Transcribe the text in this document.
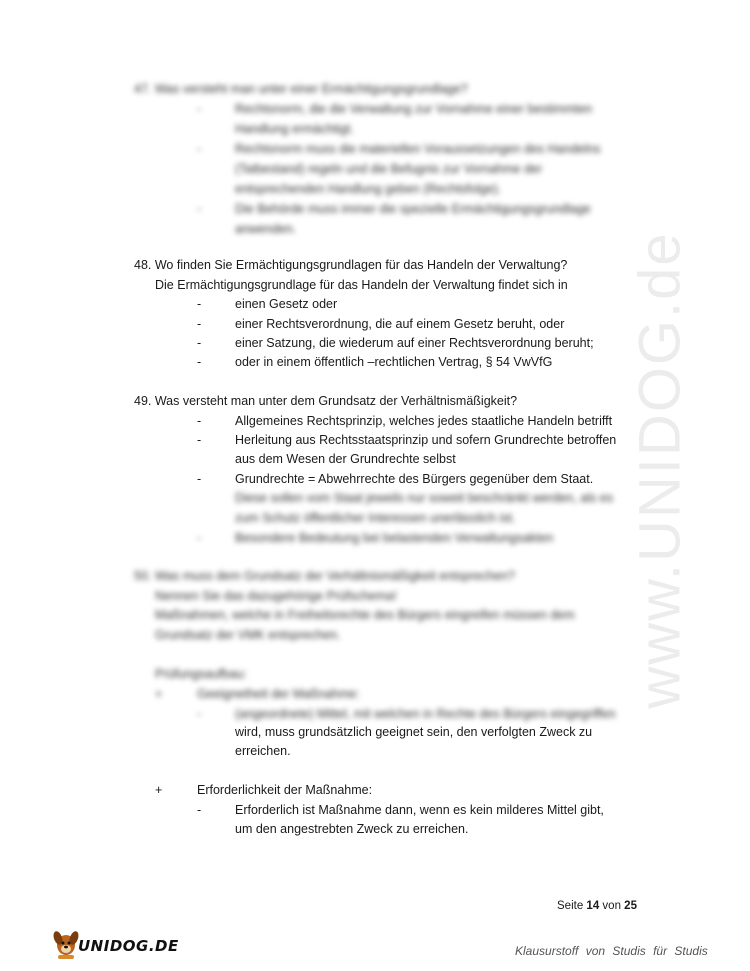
www.UNIDOG.de
47. Was versteht man unter einer Ermächtigungsgrundlage?
-	Rechtsnorm, die die Verwaltung zur Vornahme einer bestimmten
Handlung ermächtigt.
-	Rechtsnorm muss die materiellen Voraussetzungen des Handelns
(Tatbestand) regeln und die Befugnis zur Vornahme der
entsprechenden Handlung geben (Rechtsfolge).
-	Die Behörde muss immer die spezielle Ermächtigungsgrundlage
anwenden.
48. Wo finden Sie Ermächtigungsgrundlagen für das Handeln der Verwaltung?
Die Ermächtigungsgrundlage für das Handeln der Verwaltung findet sich in
-	einen Gesetz oder
-	einer Rechtsverordnung, die auf einem Gesetz beruht, oder
-	einer Satzung, die wiederum auf einer Rechtsverordnung beruht;
-	oder in einem öffentlich –rechtlichen Vertrag, § 54 VwVfG
49. Was versteht man unter dem Grundsatz der Verhältnismäßigkeit?
-	Allgemeines Rechtsprinzip, welches jedes staatliche Handeln betrifft
-	Herleitung aus Rechtsstaatsprinzip und sofern Grundrechte betroffen
aus dem Wesen der Grundrechte selbst
-	Grundrechte = Abwehrrechte des Bürgers gegenüber dem Staat.
Diese sollen vom Staat jeweils nur soweit beschränkt werden, als es
zum Schutz öffentlicher Interessen unerlässlich ist.
-	Besondere Bedeutung bei belastenden Verwaltungsakten
50. Was muss dem Grundsatz der Verhältnismäßigkeit entsprechen?
Nennen Sie das dazugehörige Prüfschema!
Maßnahmen, welche in Freiheitsrechte des Bürgers eingreifen müssen dem
Grundsatz der VMK entsprechen.
Prüfungsaufbau:
+	Geeignetheit der Maßnahme:
-	(angeordnete) Mittel, mit welchen in Rechte des Bürgers eingegriffen
wird, muss grundsätzlich geeignet sein, den verfolgten Zweck zu
erreichen.
+	Erforderlichkeit der Maßnahme:
-	Erforderlich ist Maßnahme dann, wenn es kein milderes Mittel gibt,
um den angestrebten Zweck zu erreichen.
Seite 14 von 25
UNIDOG.DE	Klausurstoff von Studis für Studis
